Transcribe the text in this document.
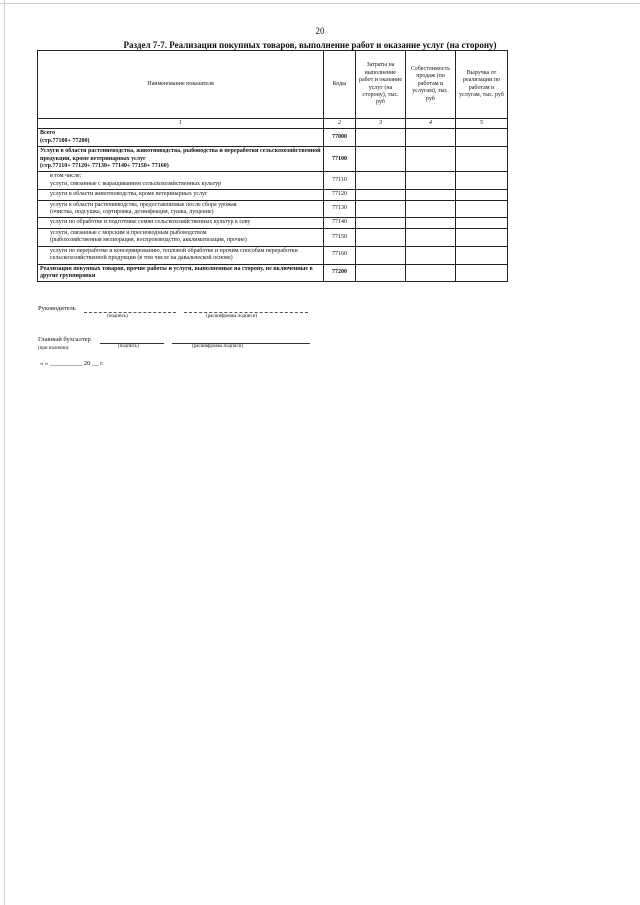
20
Раздел 7-7. Реализация покупных товаров, выполнение работ и оказание услуг (на сторону)
Наименование показателя	Коды	Затраты на выполнение работ и оказание услуг (на сторону), тыс. руб	Себестоимость продаж (по работам и услугам), тыс. руб	Выручка от реализации по работам и услугам, тыс. руб
1	2	3	4	5
Всего
(стр.77100+ 77200)	77000			
Услуги в области растениеводства, животноводства, рыбоводства и переработки сельскохозяйственной продукции, кроме ветеринарных услуг
(стр.77110+ 77120+ 77130+ 77140+ 77150+ 77160)	77100			
в том числе:
услуги, связанные с выращиванием сельскохозяйственных культур	77110			
услуги в области животноводства, кроме ветеринарных услуг	77120			
услуги в области растениеводства, предоставляемые после сбора урожая
(очистка, подсушка, сортировка, дезинфекция, сушка, лущение)	77130			
услуги по обработке и подготовке семян сельскохозяйственных культур к севу	77140			
услуги, связанные с морским и пресноводным рыбоводством
(рыбохозяйственная мелиорация, воспроизводство, акклиматизация, прочие)	77150			
услуги по переработке и консервированию, тепловой обработке и прочим способам переработки сельскохозяйственной продукции (в том числе на давальческой основе)	77160			
Реализация покупных товаров, прочие работы и услуги, выполненные на сторону, не включенные в другие группировки	77200			
Руководитель
(подпись)	(расшифровка подписи)
Главный бухгалтер
(при наличии)	(подпись)	(расшифровка подписи)
« » __________ 20 __ г.
